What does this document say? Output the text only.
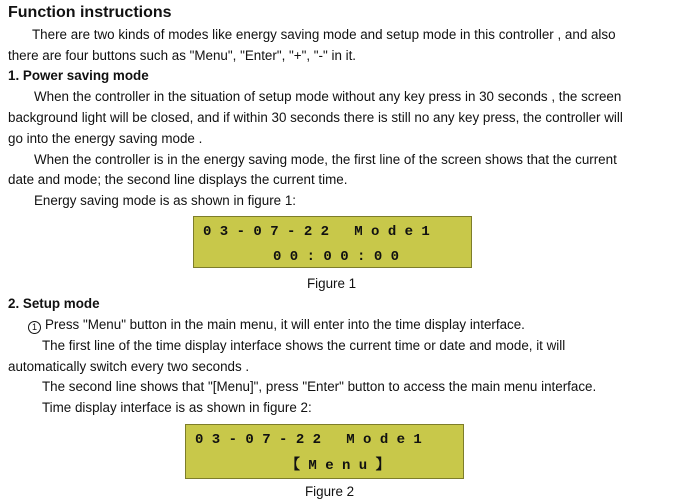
Function instructions
There are two kinds of modes like energy saving mode and setup mode in this controller , and also
there are four buttons such as "Menu", "Enter", "+", "-" in it.
1. Power saving mode
When the controller in the situation of setup mode without any key press in 30 seconds , the screen
background light will be closed, and if within 30 seconds there is still no any key press, the controller will
go into the energy saving mode .
When the controller is in the energy saving mode, the first line of the screen shows that the current
date and mode; the second line displays the current time.
Energy saving mode is as shown in figure 1:
0 3 - 0 7 - 2 2   M o d e 1
0 0 : 0 0 : 0 0
Figure 1
2. Setup mode
1 Press "Menu" button in the main menu, it will enter into the time display interface.
The first line of the time display interface shows the current time or date and mode, it will
automatically switch every two seconds .
The second line shows that "[Menu]", press "Enter" button to access the main menu interface.
Time display interface is as shown in figure 2:
0 3 - 0 7 - 2 2   M o d e 1
【 M e n u 】
Figure 2
